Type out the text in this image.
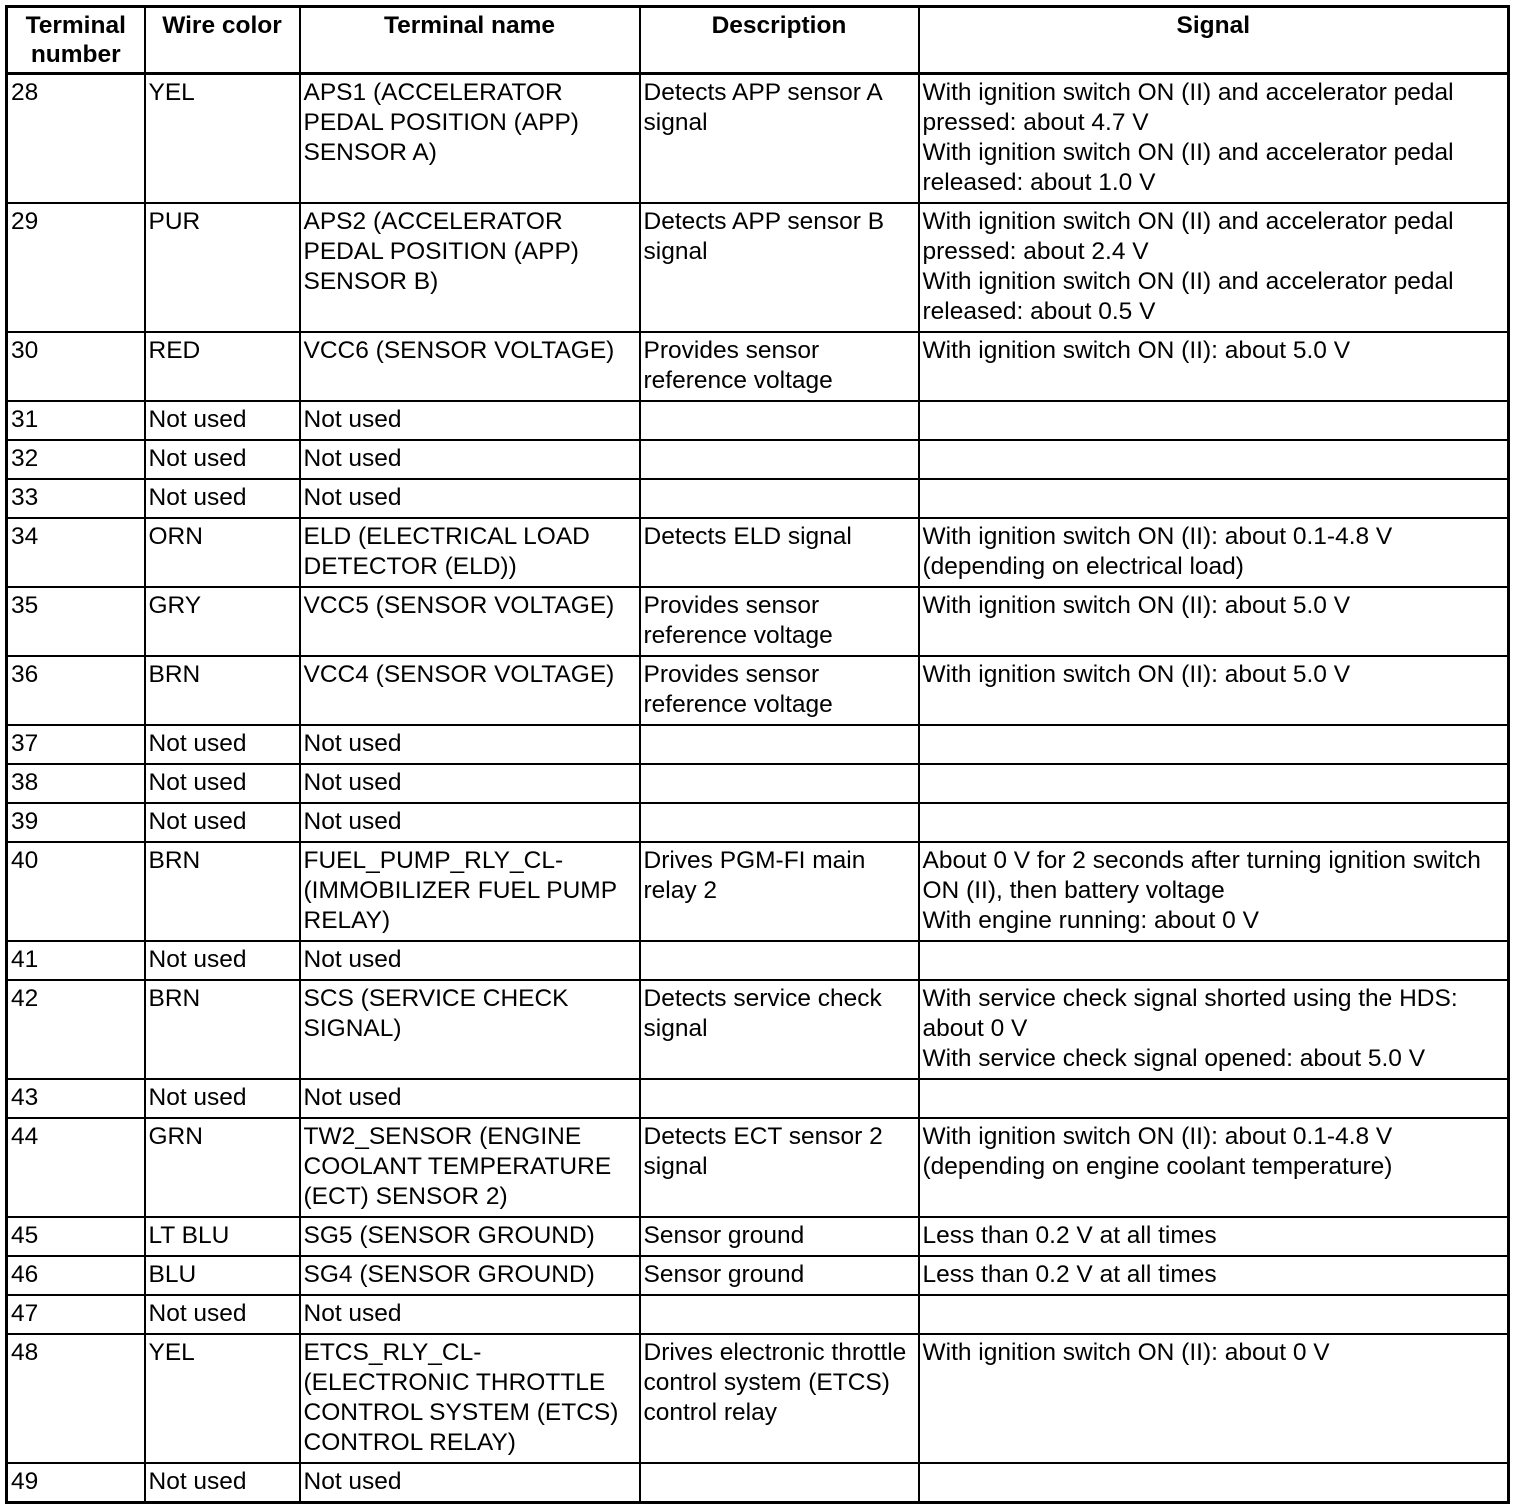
Terminal
number	Wire color	Terminal name	Description	Signal

28	YEL	APS1 (ACCELERATOR
PEDAL POSITION (APP)
SENSOR A)	Detects APP sensor A
signal	With ignition switch ON (II) and accelerator pedal
pressed: about 4.7 V
With ignition switch ON (II) and accelerator pedal
released: about 1.0 V

29	PUR	APS2 (ACCELERATOR
PEDAL POSITION (APP)
SENSOR B)	Detects APP sensor B
signal	With ignition switch ON (II) and accelerator pedal
pressed: about 2.4 V
With ignition switch ON (II) and accelerator pedal
released: about 0.5 V

30	RED	VCC6 (SENSOR VOLTAGE)	Provides sensor
reference voltage	With ignition switch ON (II): about 5.0 V

31	Not used	Not used		

32	Not used	Not used		

33	Not used	Not used		

34	ORN	ELD (ELECTRICAL LOAD
DETECTOR (ELD))	Detects ELD signal	With ignition switch ON (II): about 0.1-4.8 V
(depending on electrical load)

35	GRY	VCC5 (SENSOR VOLTAGE)	Provides sensor
reference voltage	With ignition switch ON (II): about 5.0 V

36	BRN	VCC4 (SENSOR VOLTAGE)	Provides sensor
reference voltage	With ignition switch ON (II): about 5.0 V

37	Not used	Not used		

38	Not used	Not used		

39	Not used	Not used		

40	BRN	FUEL_PUMP_RLY_CL-
(IMMOBILIZER FUEL PUMP
RELAY)	Drives PGM-FI main
relay 2	About 0 V for 2 seconds after turning ignition switch
ON (II), then battery voltage
With engine running: about 0 V

41	Not used	Not used		

42	BRN	SCS (SERVICE CHECK
SIGNAL)	Detects service check
signal	With service check signal shorted using the HDS:
about 0 V
With service check signal opened: about 5.0 V

43	Not used	Not used		

44	GRN	TW2_SENSOR (ENGINE
COOLANT TEMPERATURE
(ECT) SENSOR 2)	Detects ECT sensor 2
signal	With ignition switch ON (II): about 0.1-4.8 V
(depending on engine coolant temperature)

45	LT BLU	SG5 (SENSOR GROUND)	Sensor ground	Less than 0.2 V at all times

46	BLU	SG4 (SENSOR GROUND)	Sensor ground	Less than 0.2 V at all times

47	Not used	Not used		

48	YEL	ETCS_RLY_CL-
(ELECTRONIC THROTTLE
CONTROL SYSTEM (ETCS)
CONTROL RELAY)	Drives electronic throttle
control system (ETCS)
control relay	With ignition switch ON (II): about 0 V

49	Not used	Not used		
